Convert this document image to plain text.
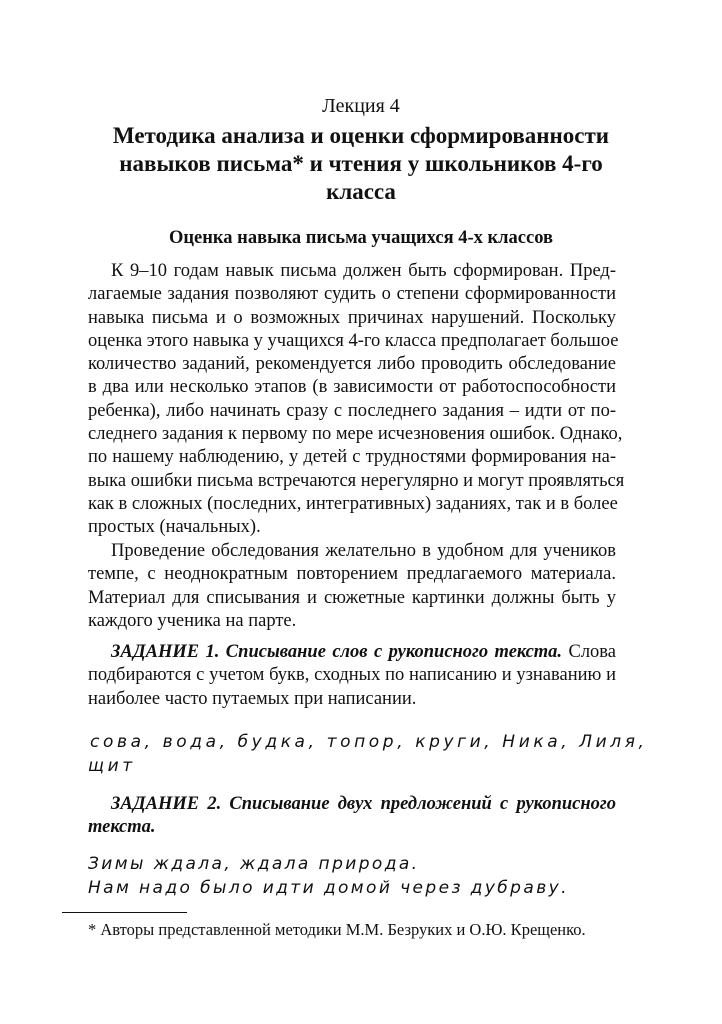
Лекция 4
Методика анализа и оценки сформированности
навыков письма* и чтения у школьников 4-го
класса
Оценка навыка письма учащихся 4-х классов
К 9–10 годам навык письма должен быть сформирован. Пред-
лагаемые задания позволяют судить о степени сформированности
навыка письма и о возможных причинах нарушений. Поскольку
оценка этого навыка у учащихся 4-го класса предполагает большое
количество заданий, рекомендуется либо проводить обследование
в два или несколько этапов (в зависимости от работоспособности
ребенка), либо начинать сразу с последнего задания – идти от по-
следнего задания к первому по мере исчезновения ошибок. Однако,
по нашему наблюдению, у детей с трудностями формирования на-
выка ошибки письма встречаются нерегулярно и могут проявляться
как в сложных (последних, интегративных) заданиях, так и в более
простых (начальных).
Проведение обследования желательно в удобном для учеников
темпе, с неоднократным повторением предлагаемого материала.
Материал для списывания и сюжетные картинки должны быть у
каждого ученика на парте.
ЗАДАНИЕ 1. Списывание слов с рукописного текста. Слова
подбираются с учетом букв, сходных по написанию и узнаванию и
наиболее часто путаемых при написании.
сова, вода, будка, топор, круги, Ника, Лиля,
щит
ЗАДАНИЕ 2. Списывание двух предложений с рукописного
текста.
Зимы ждала, ждала природа.
Нам надо было идти домой через дубраву.
* Авторы представленной методики М.М. Безруких и О.Ю. Крещенко.
